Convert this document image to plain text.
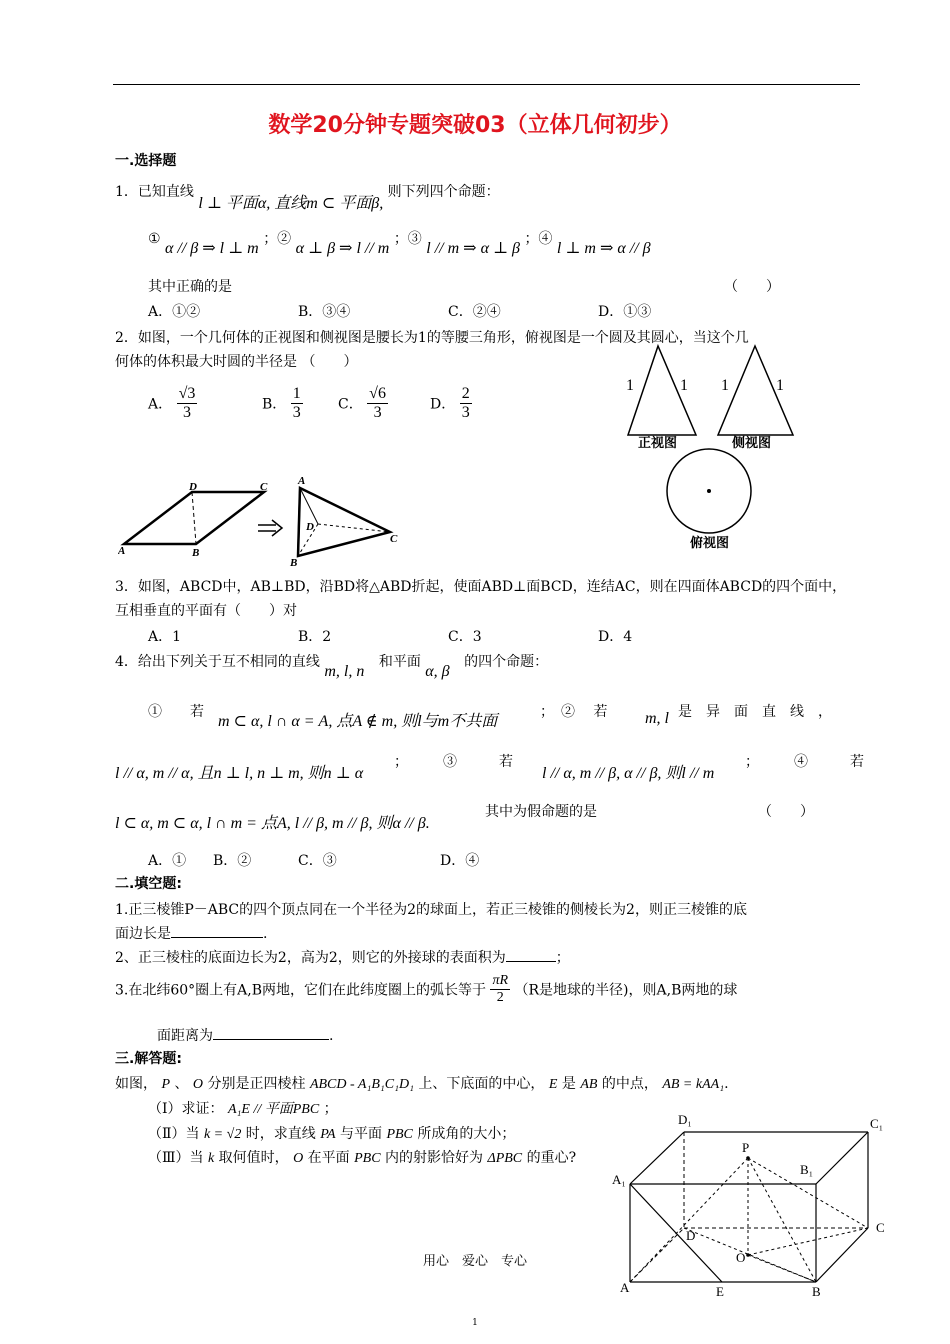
数学20分钟专题突破03（立体几何初步）
一.选择题
1．已知直线 l ⊥ 平面α, 直线m ⊂ 平面β, 则下列四个命题：
① α // β ⇒ l ⊥ m ；② α ⊥ β ⇒ l // m ；③ l // m ⇒ α ⊥ β ；④ l ⊥ m ⇒ α // β
其中正确的是	（　　）
A．①②	B．③④	C．②④	D．①③
2．如图，一个几何体的正视图和侧视图是腰长为1的等腰三角形，俯视图是一个圆及其圆心，当这个几
何体的体积最大时圆的半径是 （　　）
A． $\frac{√3}{3}$	B． $\frac{1}{3}$	C． $\frac{√6}{3}$	D． $\frac{2}{3}$	1	1
正视图
1	1
侧视图
俯视图
A	B
C
D	A
B
C
D
3．如图，ABCD中，AB⊥BD，沿BD将△ABD折起，使面ABD⊥面BCD，连结AC，则在四面体ABCD的四个面中，
互相垂直的平面有（　　）对
A．1	B．2	C．3	D．4
4．给出下列关于互不相同的直线 m, l, n 和平面 α, β 的四个命题：
①　　若
m ⊂ α, l ∩ α = A, 点A ∉ m, 则l与m不共面
；　② 　若 m, l 是　异　面　直　线　，
l // α, m // α, 且n ⊥ l, n ⊥ m, 则n ⊥ α
；　　　③　　　若
l // α, m // β, α // β, 则l // m
；　　　④　　　若
l ⊂ α, m ⊂ α, l ∩ m = 点A, l // β, m // β, 则α // β.
其中为假命题的是	（　　）
A．① B．②	C．③	D．④
二.填空题:
1.正三棱锥P－ABC的四个顶点同在一个半径为2的球面上，若正三棱锥的侧棱长为2，则正三棱锥的底
面边长是	.
2、正三棱柱的底面边长为2，高为2，则它的外接球的表面积为	；
3.在北纬60°圈上有A,B两地，它们在此纬度圈上的弧长等于 $\frac{\pi R}{2} (R$是地球的半径)，则A,B两地的球
面距离为	.
三.解答题:
如图， P 、 O 分别是正四棱柱 ABCD - A₁B₁C₁D₁ 上、下底面的中心， E 是 AB 的中点， AB = kAA₁.
（Ⅰ）求证： A₁E // 平面PBC ；
（Ⅱ）当 k = √2 时，求直线 PA 与平面 PBC 所成角的大小；
（Ⅲ）当 k 取何值时， O 在平面 PBC 内的射影恰好为 ΔPBC 的重心?
D₁	C₁
P
B₁
A₁
D
C
O
A	E	B
用心　爱心　专心
1
